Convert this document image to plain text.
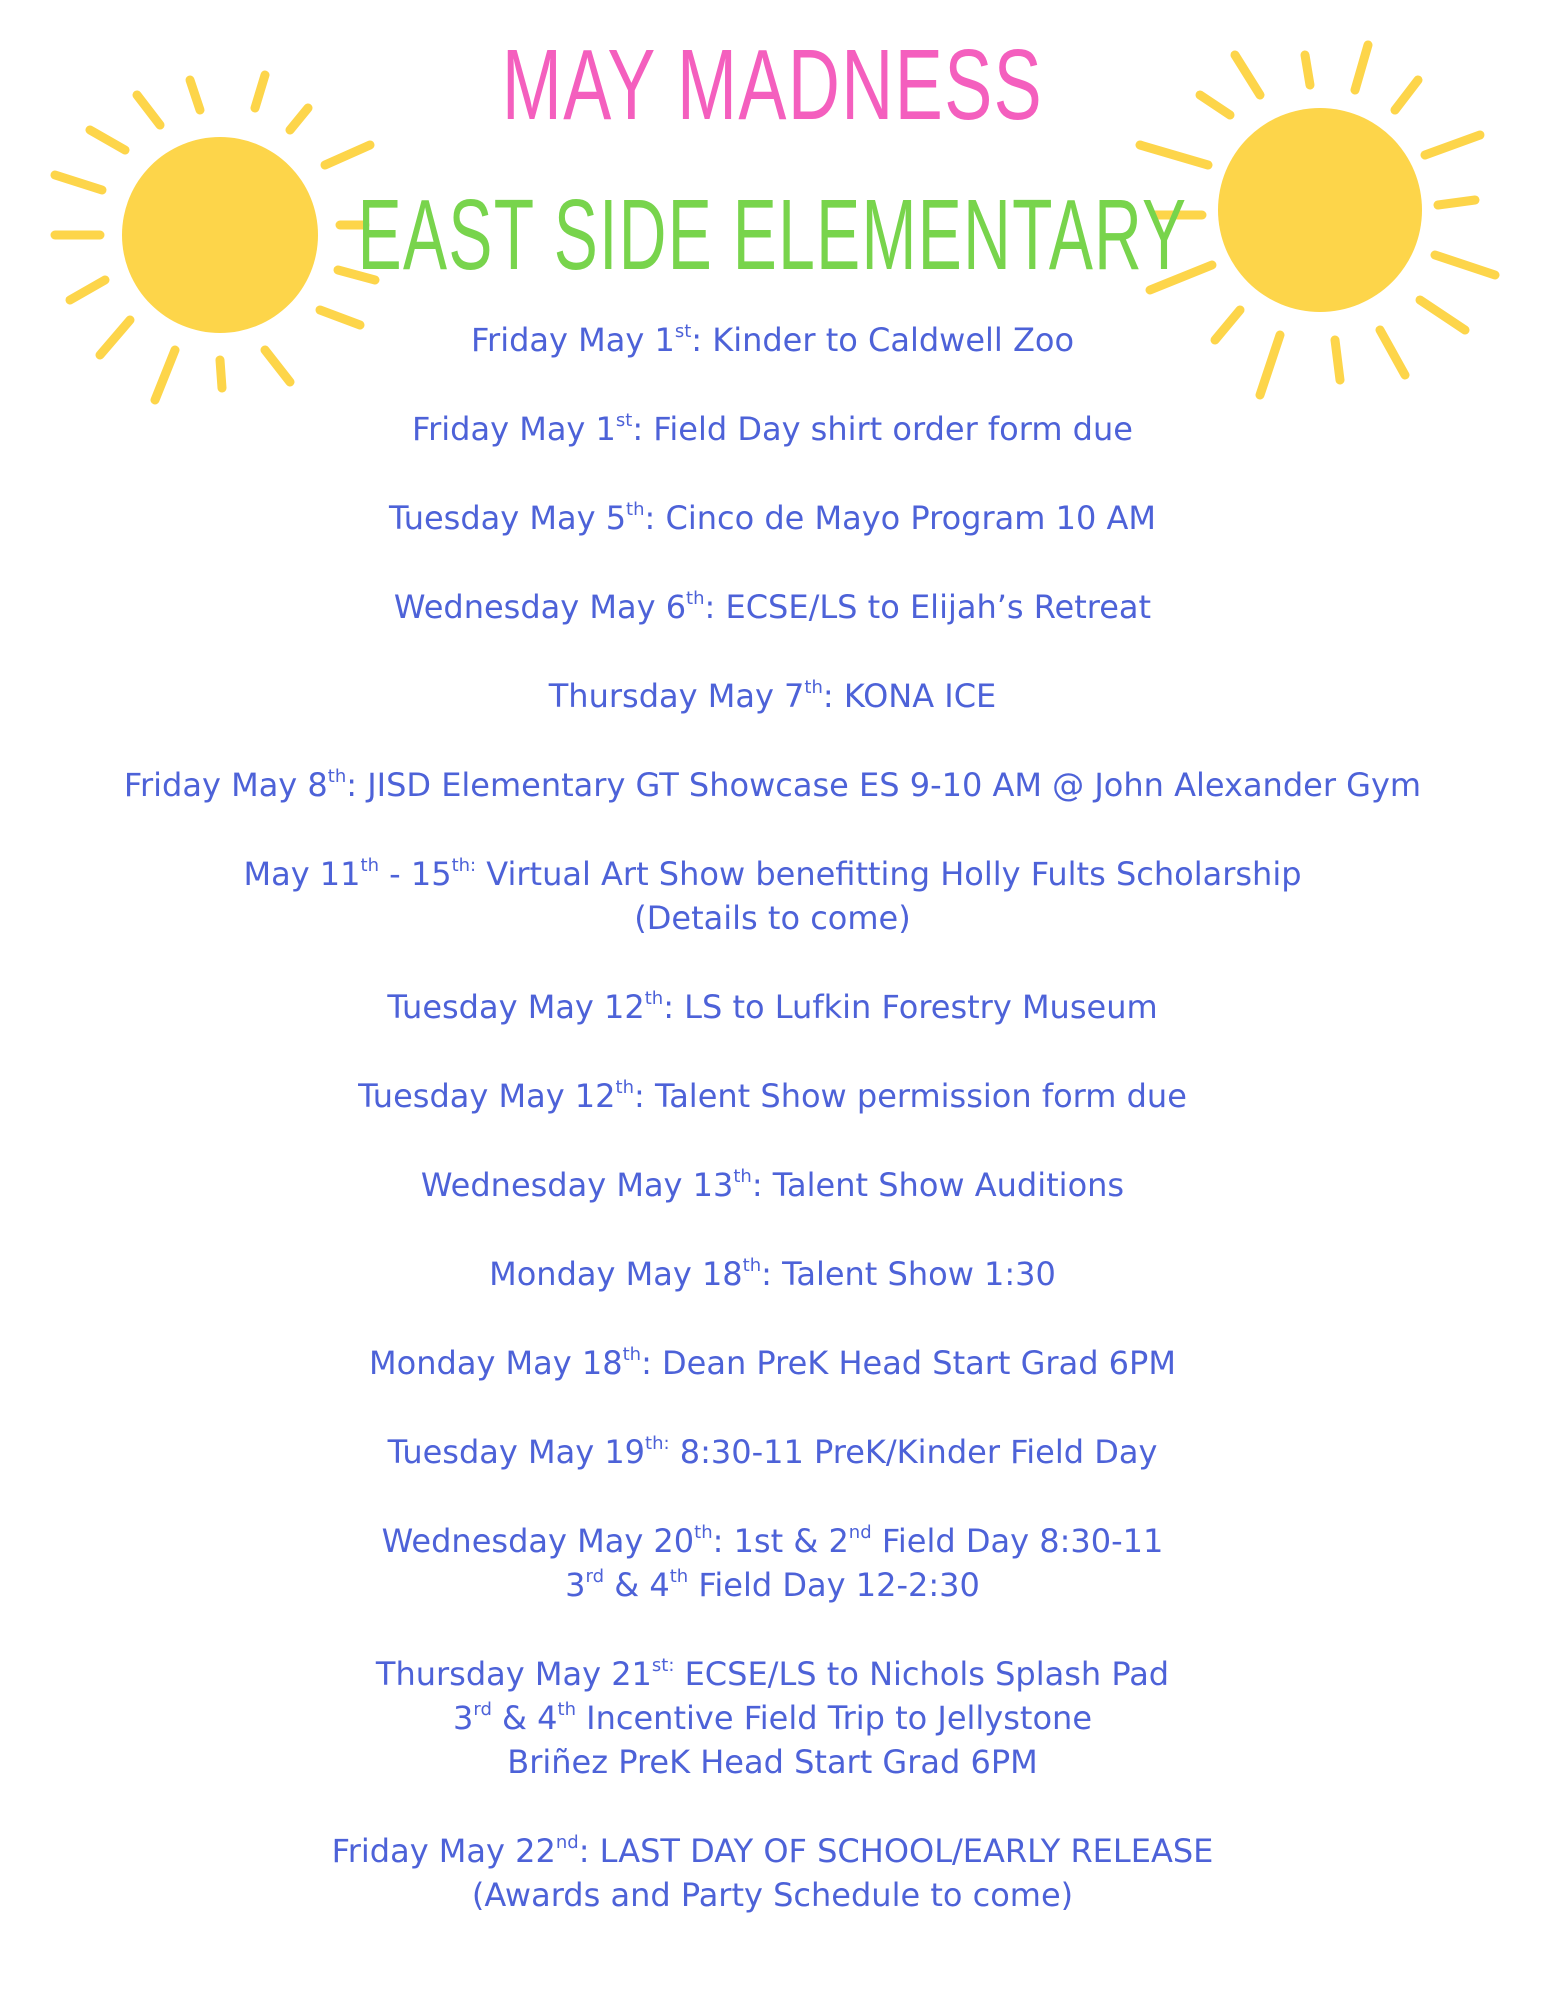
MAY MADNESS
EAST SIDE ELEMENTARY
Friday May 1st: Kinder to Caldwell Zoo
Friday May 1st: Field Day shirt order form due
Tuesday May 5th: Cinco de Mayo Program 10 AM
Wednesday May 6th: ECSE/LS to Elijah’s Retreat
Thursday May 7th: KONA ICE
Friday May 8th: JISD Elementary GT Showcase ES 9-10 AM @ John Alexander Gym
May $11th - 15^{th:}$ Virtual Art Show benefitting Holly Fults Scholarship
(Details to come)
Tuesday May 12th: LS to Lufkin Forestry Museum
Tuesday May 12th: Talent Show permission form due
Wednesday May 13th: Talent Show Auditions
Monday May 18th: Talent Show 1:30
Monday May 18th: Dean PreK Head Start Grad 6PM
Tuesday May $19^{th:}$ 8:30-11 PreK/Kinder Field Day
Wednesday May 20th: 1st & 2nd Field Day 8:30-11
3rd & 4th Field Day 12-2:30
Thursday May $21^{st:}$ ECSE/LS to Nichols Splash Pad
3rd & 4th Incentive Field Trip to Jellystone
Briñez PreK Head Start Grad 6PM
Friday May 22nd: LAST DAY OF SCHOOL/EARLY RELEASE
(Awards and Party Schedule to come)
